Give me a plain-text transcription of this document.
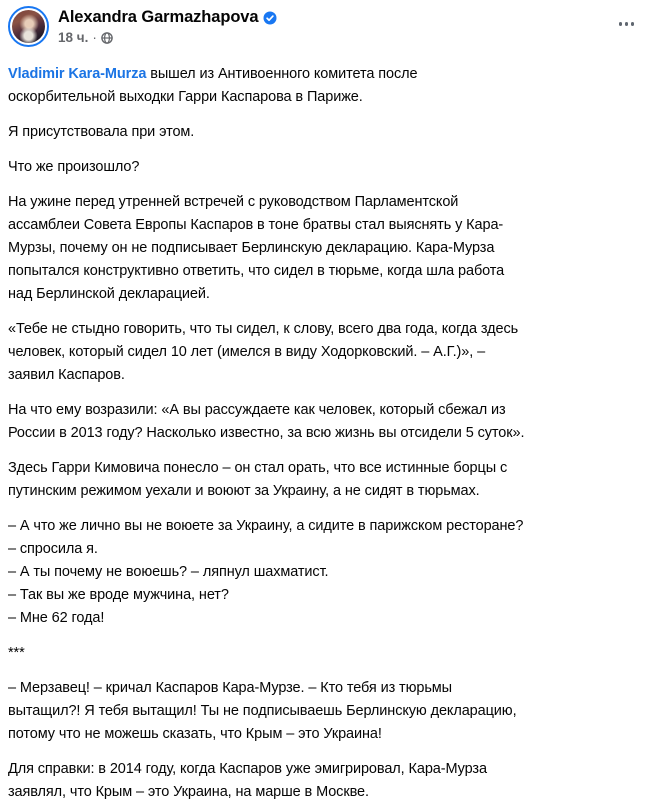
Alexandra Garmazhapova
18 ч. ·
Vladimir Kara-Murza вышел из Антивоенного комитета после
оскорбительной выходки Гарри Каспарова в Париже.
Я присутствовала при этом.
Что же произошло?
На ужине перед утренней встречей с руководством Парламентской
ассамблеи Совета Европы Каспаров в тоне братвы стал выяснять у Кара-
Мурзы, почему он не подписывает Берлинскую декларацию. Кара-Мурза
попытался конструктивно ответить, что сидел в тюрьме, когда шла работа
над Берлинской декларацией.
«Тебе не стыдно говорить, что ты сидел, к слову, всего два года, когда здесь
человек, который сидел 10 лет (имелся в виду Ходорковский. – А.Г.)», –
заявил Каспаров.
На что ему возразили: «А вы рассуждаете как человек, который сбежал из
России в 2013 году? Насколько известно, за всю жизнь вы отсидели 5 суток».
Здесь Гарри Кимовича понесло – он стал орать, что все истинные борцы с
путинским режимом уехали и воюют за Украину, а не сидят в тюрьмах.
– А что же лично вы не воюете за Украину, а сидите в парижском ресторане?
– спросила я.
– А ты почему не воюешь? – ляпнул шахматист.
– Так вы же вроде мужчина, нет?
– Мне 62 года!
***
– Мерзавец! – кричал Каспаров Кара-Мурзе. – Кто тебя из тюрьмы
вытащил?! Я тебя вытащил! Ты не подписываешь Берлинскую декларацию,
потому что не можешь сказать, что Крым – это Украина!
Для справки: в 2014 году, когда Каспаров уже эмигрировал, Кара-Мурза
заявлял, что Крым – это Украина, на марше в Москве.
